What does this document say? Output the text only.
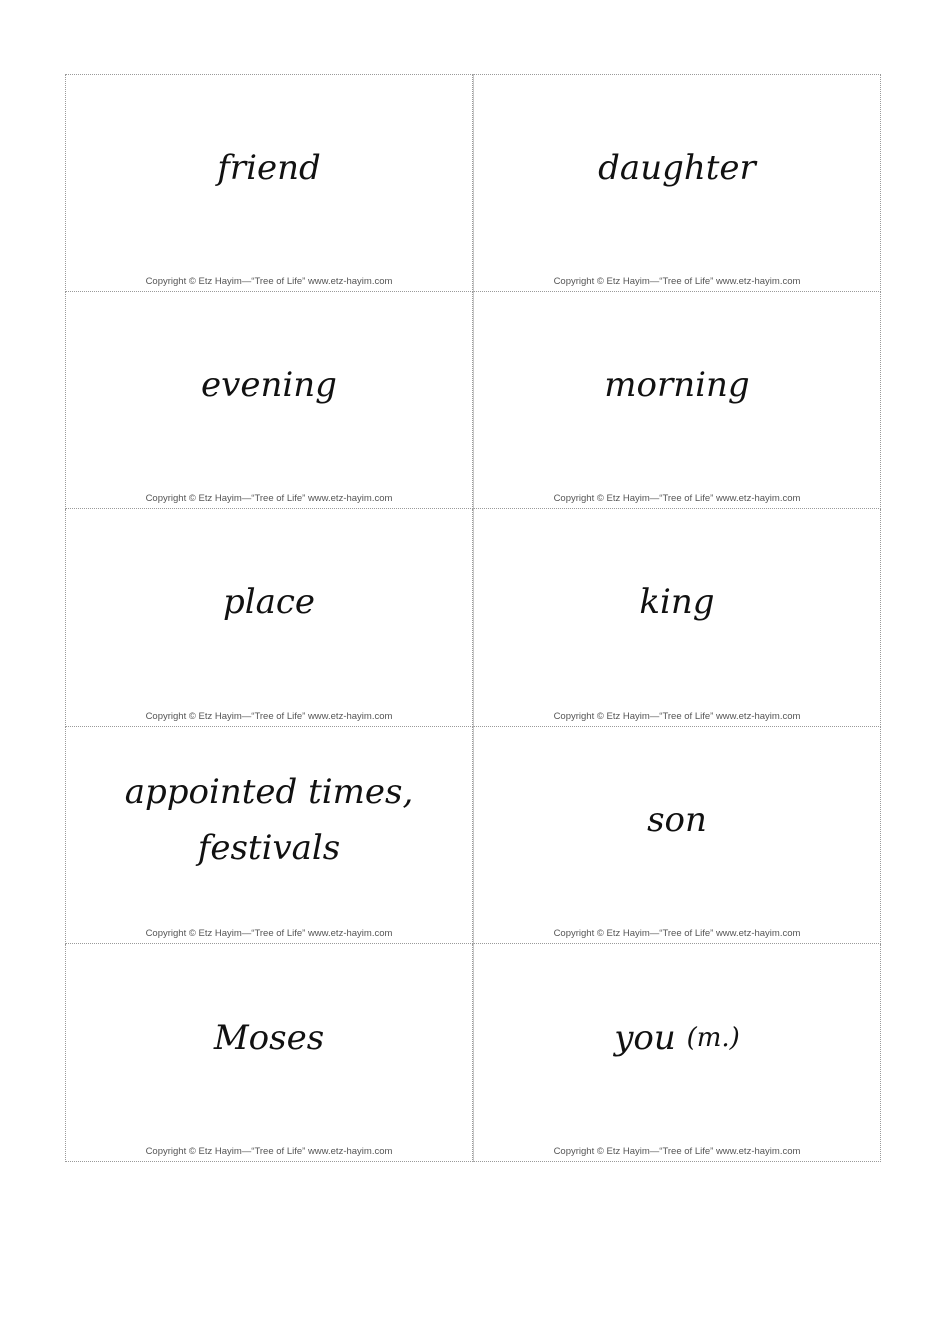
friend
Copyright © Etz Hayim—“Tree of Life” www.etz-hayim.com
daughter
Copyright © Etz Hayim—“Tree of Life” www.etz-hayim.com
evening
Copyright © Etz Hayim—“Tree of Life” www.etz-hayim.com
morning
Copyright © Etz Hayim—“Tree of Life” www.etz-hayim.com
place
Copyright © Etz Hayim—“Tree of Life” www.etz-hayim.com
king
Copyright © Etz Hayim—“Tree of Life” www.etz-hayim.com
appointed times,
festivals
Copyright © Etz Hayim—“Tree of Life” www.etz-hayim.com
son
Copyright © Etz Hayim—“Tree of Life” www.etz-hayim.com
Moses
Copyright © Etz Hayim—“Tree of Life” www.etz-hayim.com
you
(m.)
Copyright © Etz Hayim—“Tree of Life” www.etz-hayim.com
